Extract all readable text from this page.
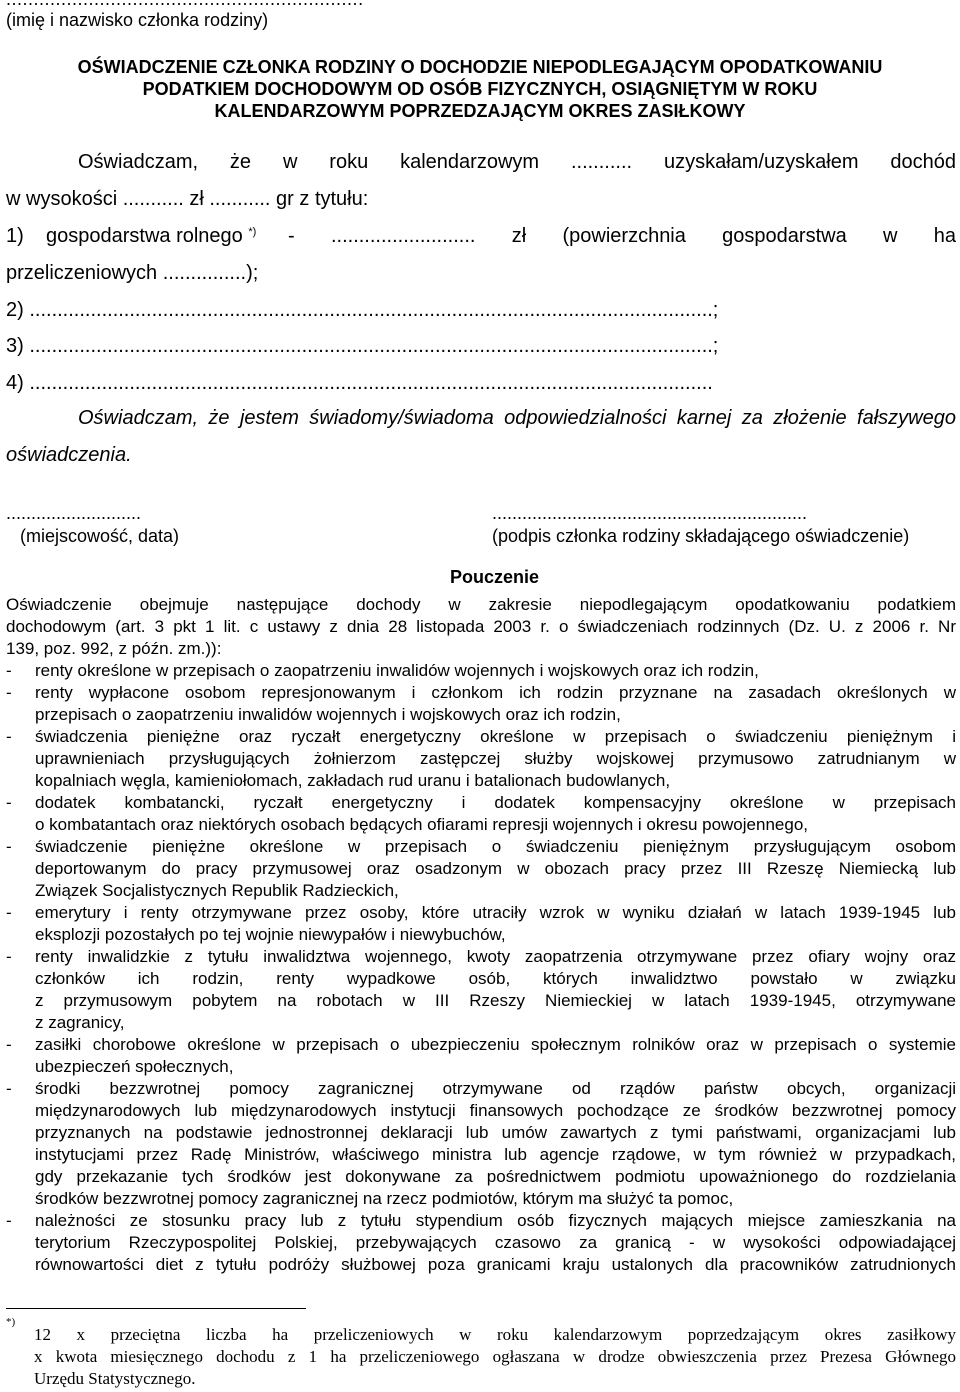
(imię i nazwisko członka rodziny)
OŚWIADCZENIE CZŁONKA RODZINY O DOCHODZIE NIEPODLEGAJĄCYM OPODATKOWANIU
PODATKIEM DOCHODOWYM OD OSÓB FIZYCZNYCH, OSIĄGNIĘTYM W ROKU
KALENDARZOWYM POPRZEDZAJĄCYM OKRES ZASIŁKOWY
Oświadczam, że w roku kalendarzowym ........... uzyskałam/uzyskałem dochód
w wysokości ........... zł ........... gr z tytułu:
1) gospodarstwa rolnego *) - .......................... zł (powierzchnia gospodarstwa w ha
przeliczeniowych ...............);
2) ...........................................................................................................................;
3) ...........................................................................................................................;
4) ...........................................................................................................................
Oświadczam, że jestem świadomy/świadoma odpowiedzialności karnej za złożenie fałszywego
oświadczenia.
...........................
(miejscowość, data)
...............................................................
(podpis członka rodziny składającego oświadczenie)
Pouczenie
Oświadczenie obejmuje następujące dochody w zakresie niepodlegającym opodatkowaniu podatkiem
dochodowym (art. 3 pkt 1 lit. c ustawy z dnia 28 listopada 2003 r. o świadczeniach rodzinnych (Dz. U. z 2006 r. Nr
139, poz. 992, z późn. zm.)):
- renty określone w przepisach o zaopatrzeniu inwalidów wojennych i wojskowych oraz ich rodzin,
- renty wypłacone osobom represjonowanym i członkom ich rodzin przyznane na zasadach określonych w
przepisach o zaopatrzeniu inwalidów wojennych i wojskowych oraz ich rodzin,
- świadczenia pieniężne oraz ryczałt energetyczny określone w przepisach o świadczeniu pieniężnym i
uprawnieniach przysługujących żołnierzom zastępczej służby wojskowej przymusowo zatrudnianym w
kopalniach węgla, kamieniołomach, zakładach rud uranu i batalionach budowlanych,
- dodatek kombatancki, ryczałt energetyczny i dodatek kompensacyjny określone w przepisach
o kombatantach oraz niektórych osobach będących ofiarami represji wojennych i okresu powojennego,
- świadczenie pieniężne określone w przepisach o świadczeniu pieniężnym przysługującym osobom
deportowanym do pracy przymusowej oraz osadzonym w obozach pracy przez III Rzeszę Niemiecką lub
Związek Socjalistycznych Republik Radzieckich,
- emerytury i renty otrzymywane przez osoby, które utraciły wzrok w wyniku działań w latach 1939-1945 lub
eksplozji pozostałych po tej wojnie niewypałów i niewybuchów,
- renty inwalidzkie z tytułu inwalidztwa wojennego, kwoty zaopatrzenia otrzymywane przez ofiary wojny oraz
członków ich rodzin, renty wypadkowe osób, których inwalidztwo powstało w związku
z przymusowym pobytem na robotach w III Rzeszy Niemieckiej w latach 1939-1945, otrzymywane
z zagranicy,
- zasiłki chorobowe określone w przepisach o ubezpieczeniu społecznym rolników oraz w przepisach o systemie
ubezpieczeń społecznych,
- środki bezzwrotnej pomocy zagranicznej otrzymywane od rządów państw obcych, organizacji
międzynarodowych lub międzynarodowych instytucji finansowych pochodzące ze środków bezzwrotnej pomocy
przyznanych na podstawie jednostronnej deklaracji lub umów zawartych z tymi państwami, organizacjami lub
instytucjami przez Radę Ministrów, właściwego ministra lub agencje rządowe, w tym również w przypadkach,
gdy przekazanie tych środków jest dokonywane za pośrednictwem podmiotu upoważnionego do rozdzielania
środków bezzwrotnej pomocy zagranicznej na rzecz podmiotów, którym ma służyć ta pomoc,
- należności ze stosunku pracy lub z tytułu stypendium osób fizycznych mających miejsce zamieszkania na
terytorium Rzeczypospolitej Polskiej, przebywających czasowo za granicą - w wysokości odpowiadającej
równowartości diet z tytułu podróży służbowej poza granicami kraju ustalonych dla pracowników zatrudnionych
*)
12 x przeciętna liczba ha przeliczeniowych w roku kalendarzowym poprzedzającym okres zasiłkowy
x kwota miesięcznego dochodu z 1 ha przeliczeniowego ogłaszana w drodze obwieszczenia przez Prezesa Głównego
Urzędu Statystycznego.
